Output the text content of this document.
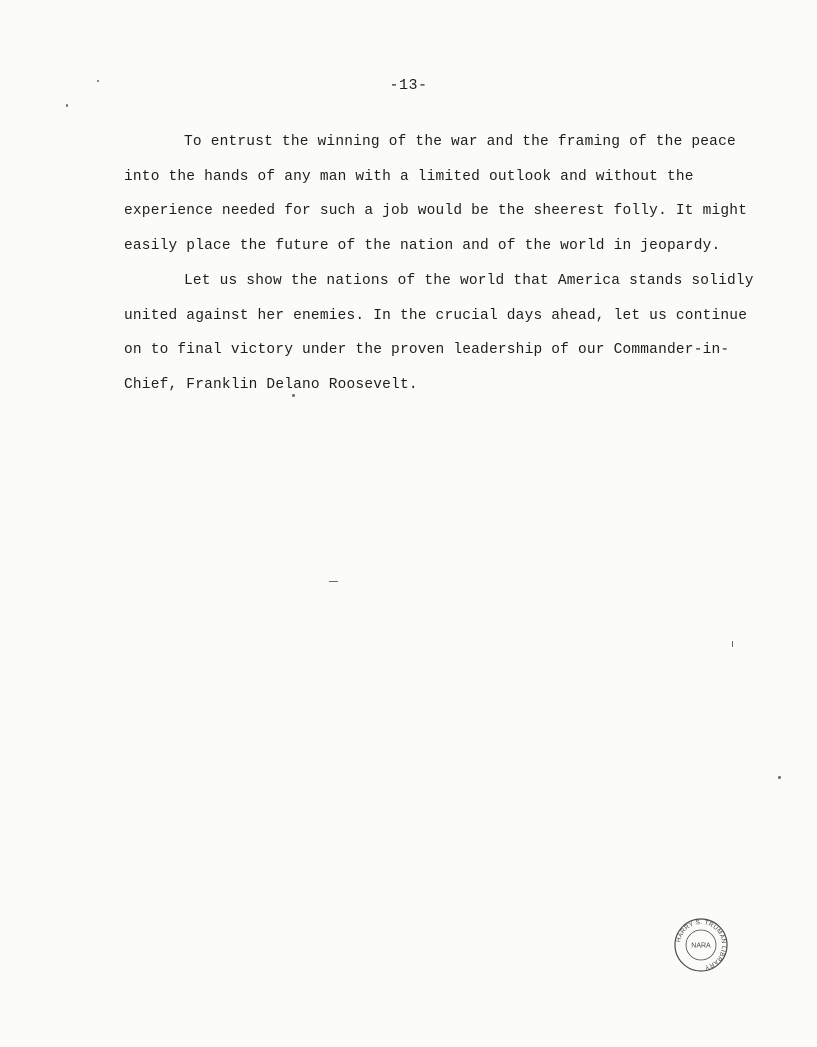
-13-

To entrust the winning of the war and the framing of the peace into the hands of any man with a limited outlook and without the experience needed for such a job would be the sheerest folly. It might easily place the future of the nation and of the world in jeopardy.

Let us show the nations of the world that America stands solidly united against her enemies. In the crucial days ahead, let us continue on to final victory under the proven leadership of our Commander-in-Chief, Franklin Delano Roosevelt.

HARRY S. TRUMAN LIBRARY
NARA
